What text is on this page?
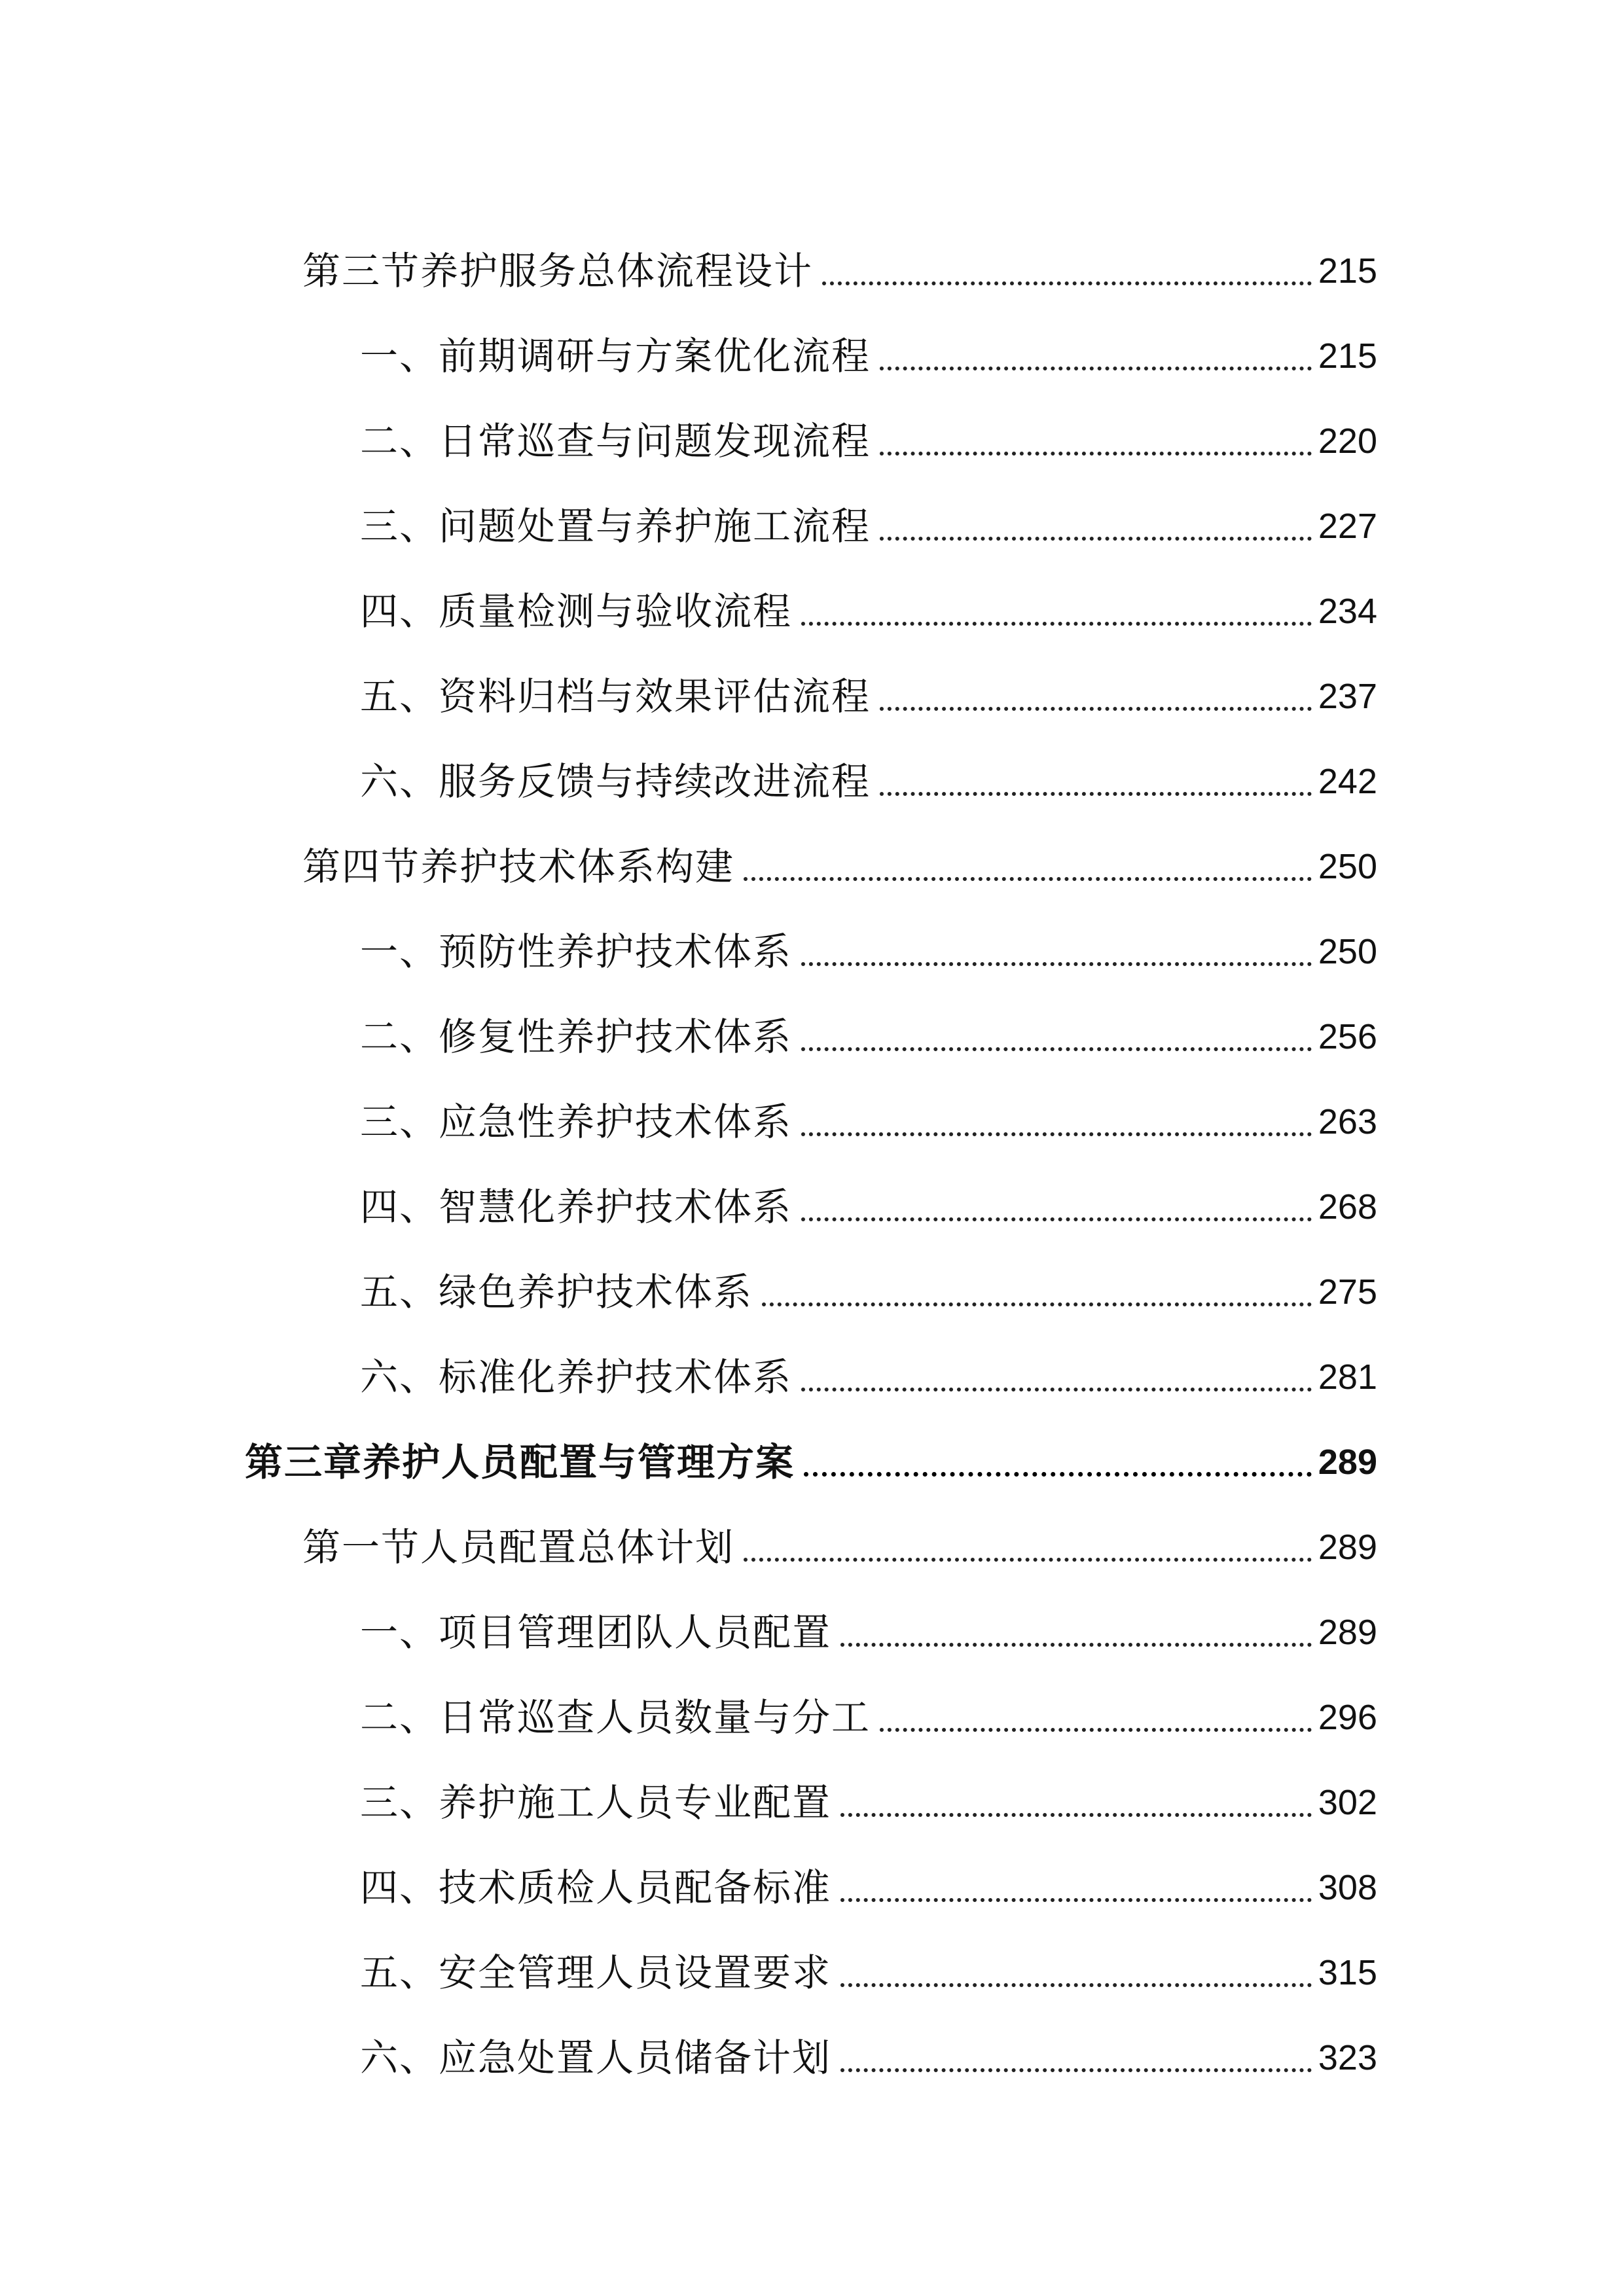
第三节养护服务总体流程设计	215
一、前期调研与方案优化流程	215
二、日常巡查与问题发现流程	220
三、问题处置与养护施工流程	227
四、质量检测与验收流程	234
五、资料归档与效果评估流程	237
六、服务反馈与持续改进流程	242
第四节养护技术体系构建	250
一、预防性养护技术体系	250
二、修复性养护技术体系	256
三、应急性养护技术体系	263
四、智慧化养护技术体系	268
五、绿色养护技术体系	275
六、标准化养护技术体系	281
第三章养护人员配置与管理方案	289
第一节人员配置总体计划	289
一、项目管理团队人员配置	289
二、日常巡查人员数量与分工	296
三、养护施工人员专业配置	302
四、技术质检人员配备标准	308
五、安全管理人员设置要求	315
六、应急处置人员储备计划	323
